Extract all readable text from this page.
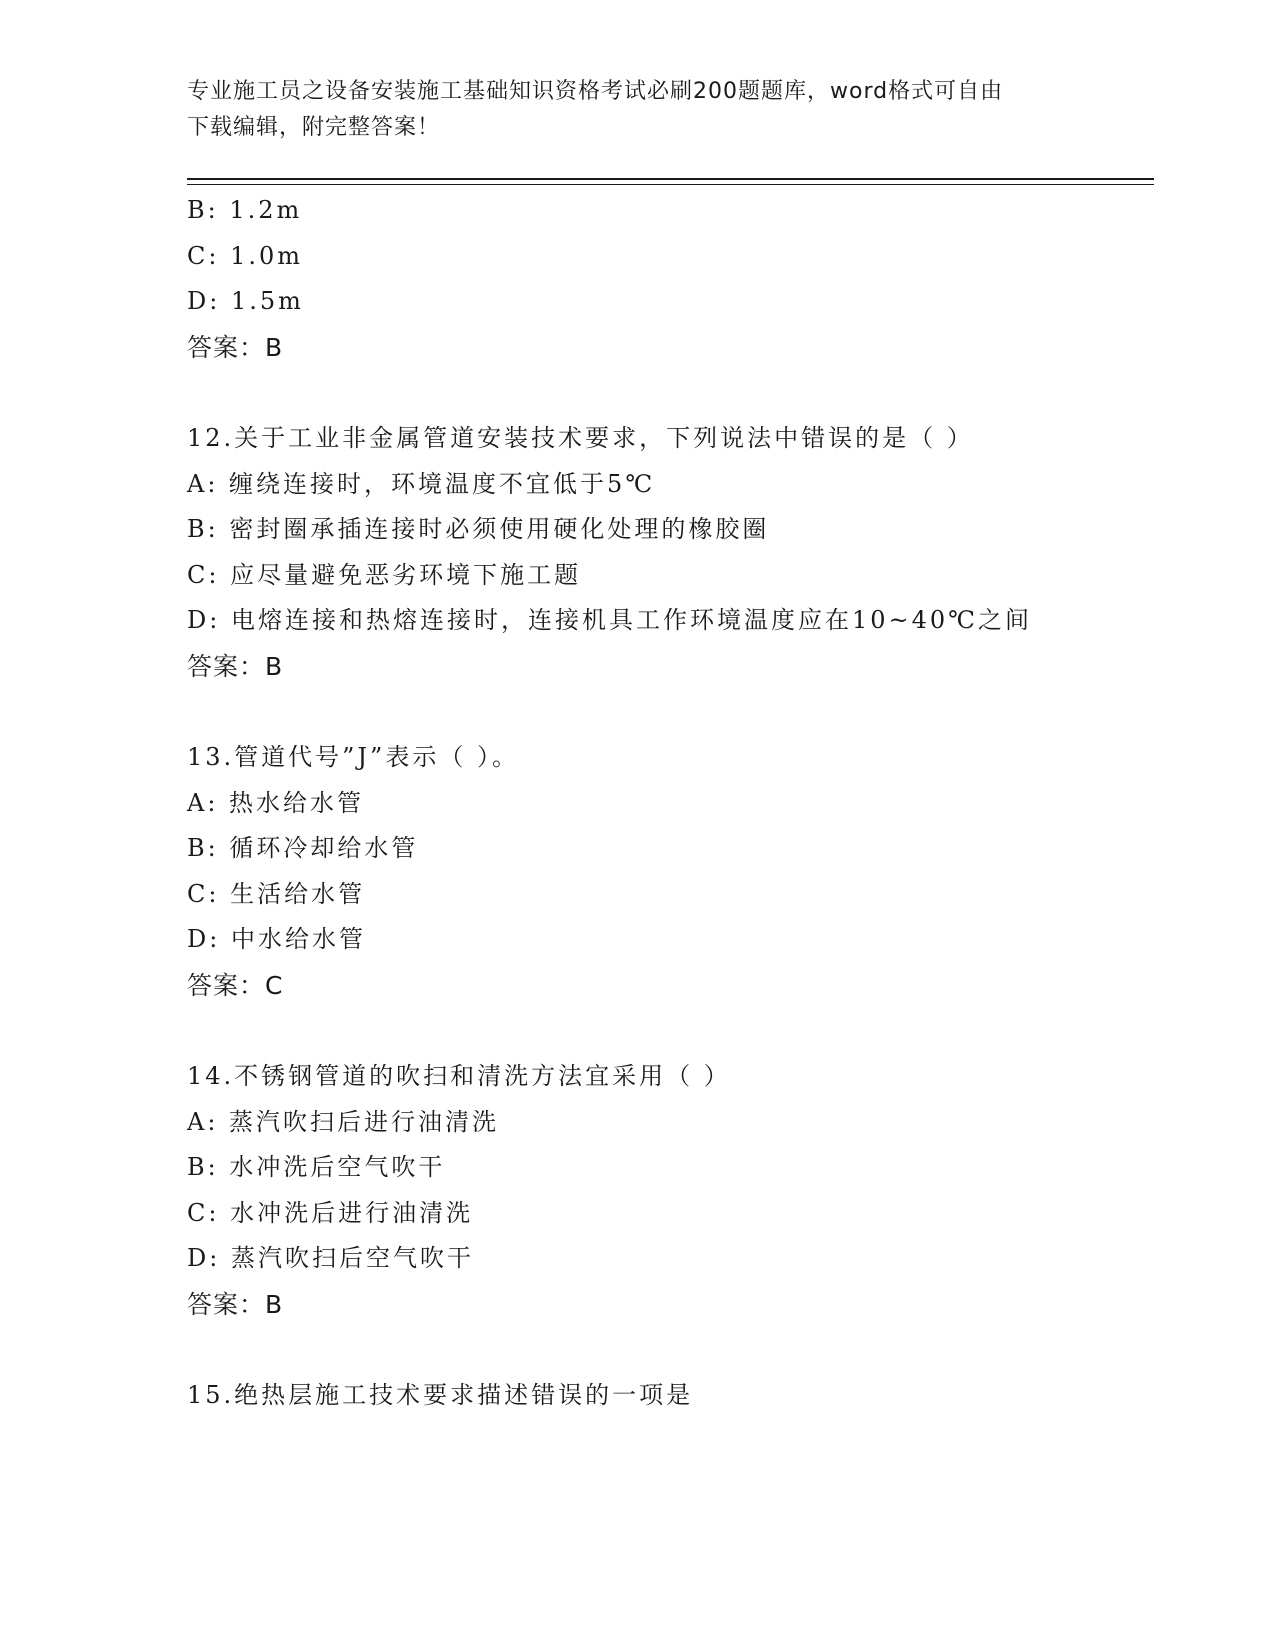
专业施工员之设备安装施工基础知识资格考试必刷200题题库，word格式可自由
下载编辑，附完整答案！
B: 1.2m
C: 1.0m
D: 1.5m
答案：B
12.关于工业非金属管道安装技术要求，下列说法中错误的是（ ）
A: 缠绕连接时，环境温度不宜低于5℃
B: 密封圈承插连接时必须使用硬化处理的橡胶圈
C: 应尽量避免恶劣环境下施工题
D: 电熔连接和热熔连接时，连接机具工作环境温度应在10~40℃之间
答案：B
13.管道代号”J”表示（ ）。
A: 热水给水管
B: 循环冷却给水管
C: 生活给水管
D: 中水给水管
答案：C
14.不锈钢管道的吹扫和清洗方法宜采用（ ）
A: 蒸汽吹扫后进行油清洗
B: 水冲洗后空气吹干
C: 水冲洗后进行油清洗
D: 蒸汽吹扫后空气吹干
答案：B
15.绝热层施工技术要求描述错误的一项是
